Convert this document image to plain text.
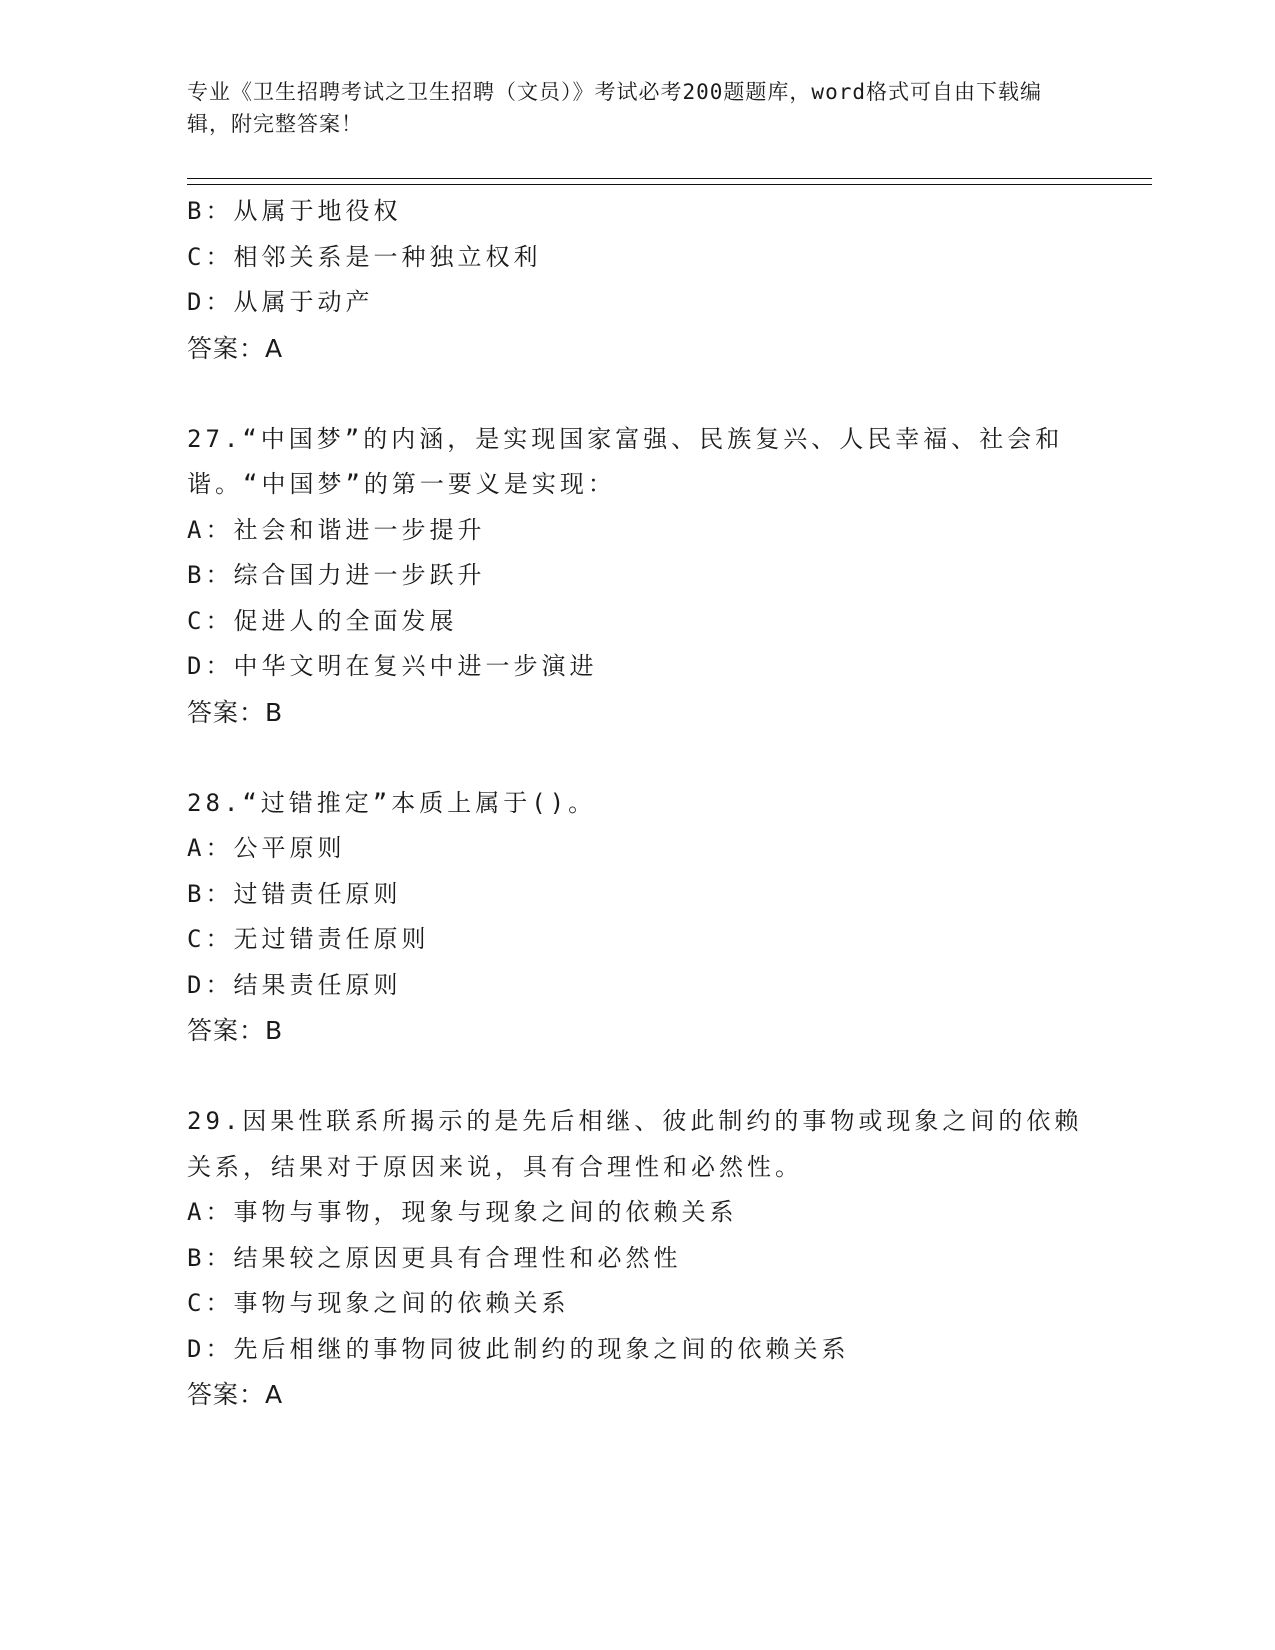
专业《卫生招聘考试之卫生招聘（文员）》考试必考200题题库，word格式可自由下载编辑，附完整答案！
B：从属于地役权
C：相邻关系是一种独立权利
D：从属于动产
答案：A
27.“中国梦”的内涵，是实现国家富强、民族复兴、人民幸福、社会和谐。“中国梦”的第一要义是实现：
A：社会和谐进一步提升
B：综合国力进一步跃升
C：促进人的全面发展
D：中华文明在复兴中进一步演进
答案：B
28.“过错推定”本质上属于()。
A：公平原则
B：过错责任原则
C：无过错责任原则
D：结果责任原则
答案：B
29.因果性联系所揭示的是先后相继、彼此制约的事物或现象之间的依赖关系，结果对于原因来说，具有合理性和必然性。
A：事物与事物，现象与现象之间的依赖关系
B：结果较之原因更具有合理性和必然性
C：事物与现象之间的依赖关系
D：先后相继的事物同彼此制约的现象之间的依赖关系
答案：A
